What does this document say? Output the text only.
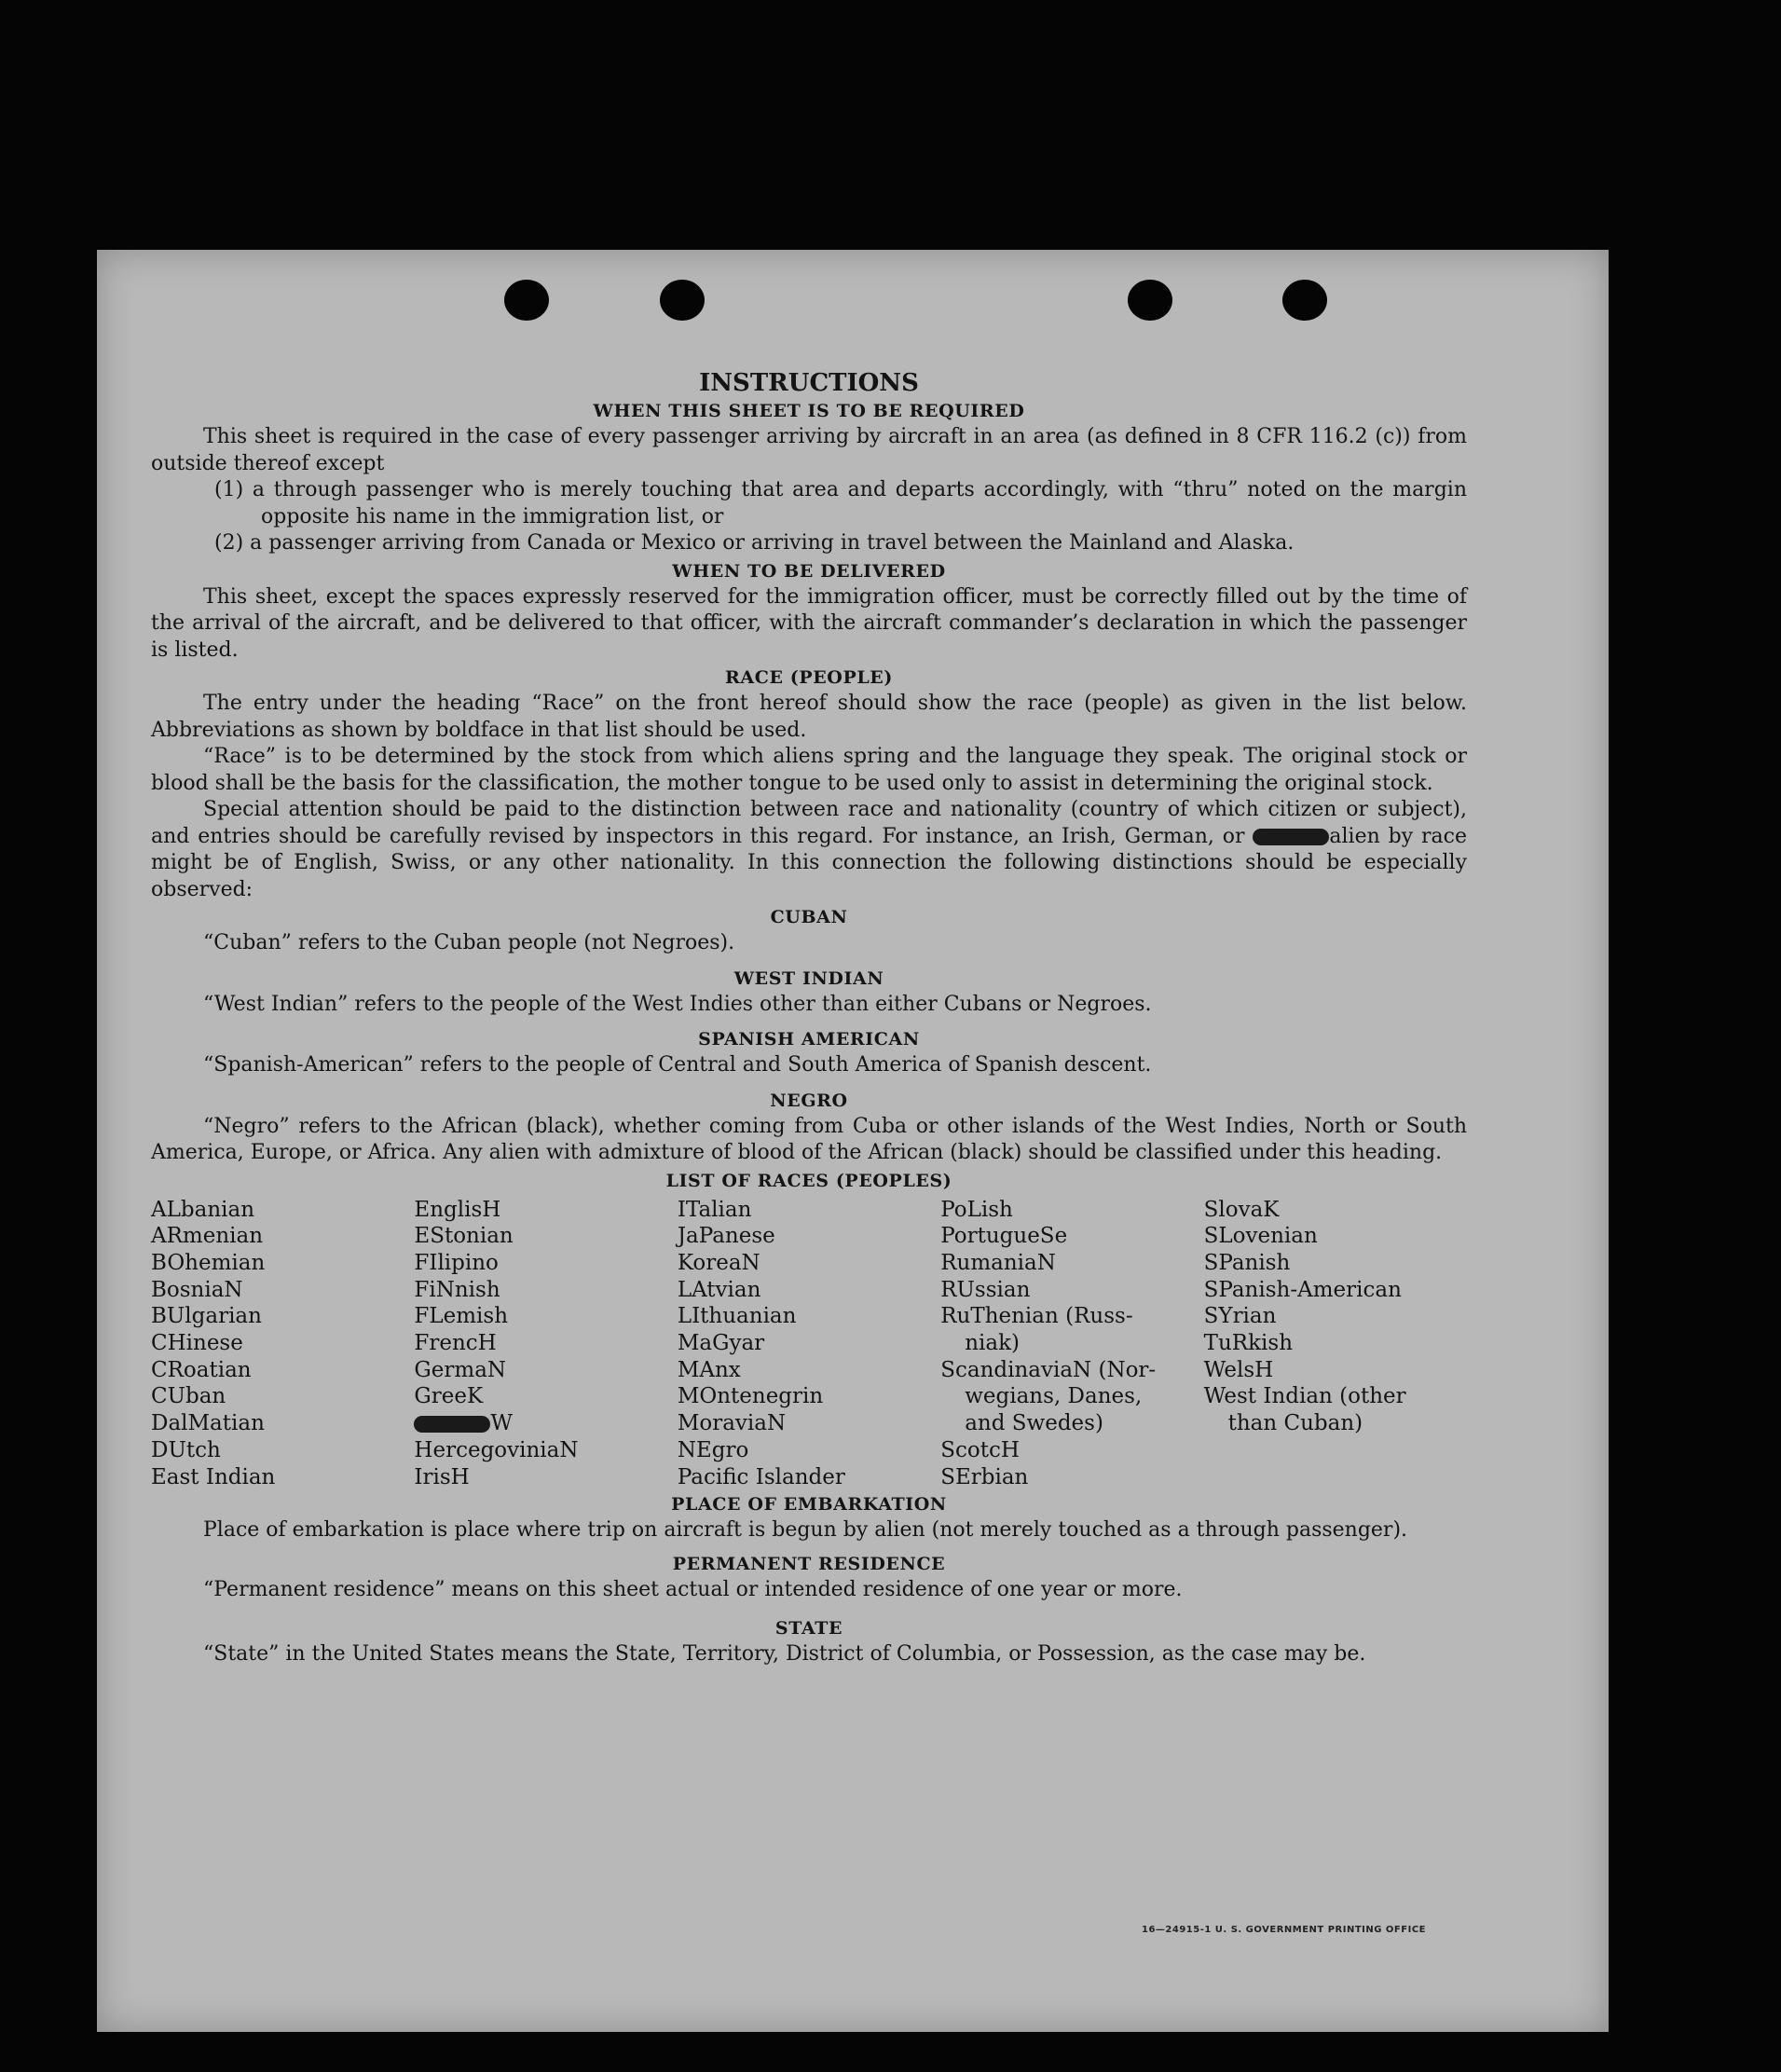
INSTRUCTIONS
WHEN THIS SHEET IS TO BE REQUIRED

This sheet is required in the case of every passenger arriving by aircraft in an area (as defined in 8 CFR 116.2 (c)) from outside thereof except

(1) a through passenger who is merely touching that area and departs accordingly, with “thru” noted on the margin opposite his name in the immigration list, or

(2) a passenger arriving from Canada or Mexico or arriving in travel between the Mainland and Alaska.

WHEN TO BE DELIVERED

This sheet, except the spaces expressly reserved for the immigration officer, must be correctly filled out by the time of the arrival of the aircraft, and be delivered to that officer, with the aircraft commander’s declaration in which the passenger is listed.

RACE (PEOPLE)

The entry under the heading “Race” on the front hereof should show the race (people) as given in the list below. Abbreviations as shown by boldface in that list should be used.

“Race” is to be determined by the stock from which aliens spring and the language they speak. The original stock or blood shall be the basis for the classification, the mother tongue to be used only to assist in determining the original stock.

Special attention should be paid to the distinction between race and nationality (country of which citizen or subject), and entries should be carefully revised by inspectors in this regard. For instance, an Irish, German, or	alien by race might be of English, Swiss, or any other nationality. In this connection the following distinctions should be especially observed:

CUBAN

“Cuban” refers to the Cuban people (not Negroes).

WEST INDIAN

“West Indian” refers to the people of the West Indies other than either Cubans or Negroes.

SPANISH AMERICAN

“Spanish-American” refers to the people of Central and South America of Spanish descent.

NEGRO

“Negro” refers to the African (black), whether coming from Cuba or other islands of the West Indies, North or South America, Europe, or Africa. Any alien with admixture of blood of the African (black) should be classified under this heading.

LIST OF RACES (PEOPLES)
ALbanian
ARmenian
BOhemian
BosniaN
BUlgarian
CHinese
CRoatian
CUban
DalMatian
DUtch
East Indian
EnglisH
EStonian
FIlipino
FiNnish
FLemish
FrencH
GermaN
GreeK
W
HercegoviniaN
IrisH
ITalian
JaPanese
KoreaN
LAtvian
LIthuanian
MaGyar
MAnx
MOntenegrin
MoraviaN
NEgro
Pacific Islander
PoLish
PortugueSe
RumaniaN
RUssian
RuThenian (Russ-
niak)
ScandinaviaN (Nor-
wegians, Danes,
and Swedes)
ScotcH
SErbian
SlovaK
SLovenian
SPanish
SPanish-American
SYrian
TuRkish
WelsH
West Indian (other
than Cuban)
PLACE OF EMBARKATION

Place of embarkation is place where trip on aircraft is begun by alien (not merely touched as a through passenger).

PERMANENT RESIDENCE

“Permanent residence” means on this sheet actual or intended residence of one year or more.

STATE

“State” in the United States means the State, Territory, District of Columbia, or Possession, as the case may be.

16—24915-1 U. S. GOVERNMENT PRINTING OFFICE
